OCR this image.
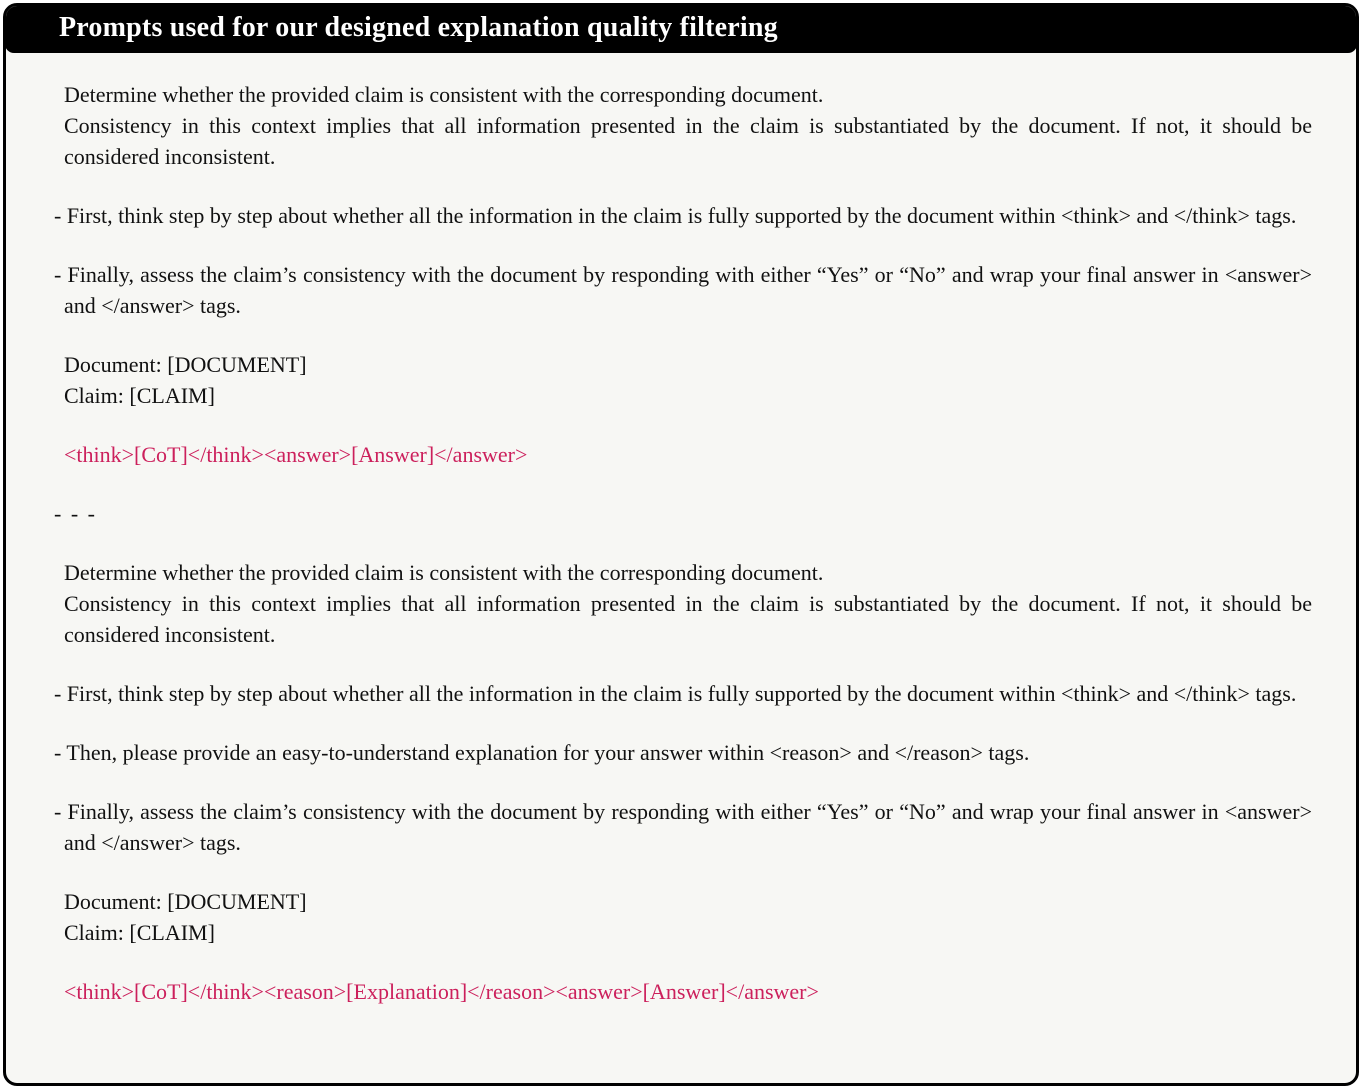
Prompts used for our designed explanation quality filtering
Determine whether the provided claim is consistent with the corresponding document.
Consistency in this context implies that all information presented in the claim is substantiated by the document. If not, it should be considered inconsistent.

- First, think step by step about whether all the information in the claim is fully supported by the document within <think> and </think> tags.

- Finally, assess the claim’s consistency with the document by responding with either “Yes” or “No” and wrap your final answer in <answer> and </answer> tags.

Document: [DOCUMENT]
Claim: [CLAIM]

<think>[CoT]</think><answer>[Answer]</answer>

- - -

Determine whether the provided claim is consistent with the corresponding document.
Consistency in this context implies that all information presented in the claim is substantiated by the document. If not, it should be considered inconsistent.

- First, think step by step about whether all the information in the claim is fully supported by the document within <think> and </think> tags.

- Then, please provide an easy-to-understand explanation for your answer within <reason> and </reason> tags.

- Finally, assess the claim’s consistency with the document by responding with either “Yes” or “No” and wrap your final answer in <answer> and </answer> tags.

Document: [DOCUMENT]
Claim: [CLAIM]

<think>[CoT]</think><reason>[Explanation]</reason><answer>[Answer]</answer>
